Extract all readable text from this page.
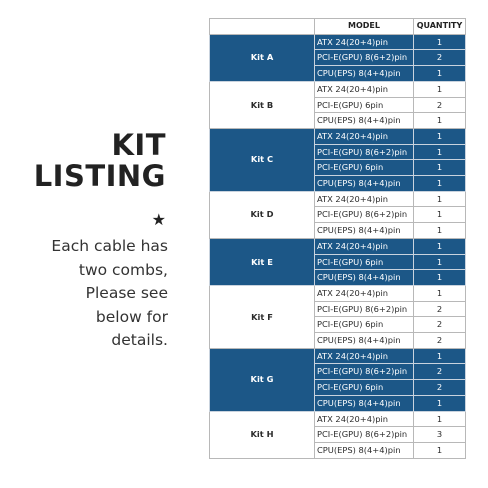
KIT
LISTING
★
Each cable has
two combs,
Please see
below for
details.
	MODEL	QUANTITY
Kit A	ATX 24(20+4)pin	1
	PCI-E(GPU) 8(6+2)pin	2
	CPU(EPS) 8(4+4)pin	1
Kit B	ATX 24(20+4)pin	1
	PCI-E(GPU) 6pin	2
	CPU(EPS) 8(4+4)pin	1
Kit C	ATX 24(20+4)pin	1
	PCI-E(GPU) 8(6+2)pin	1
	PCI-E(GPU) 6pin	1
	CPU(EPS) 8(4+4)pin	1
Kit D	ATX 24(20+4)pin	1
	PCI-E(GPU) 8(6+2)pin	1
	CPU(EPS) 8(4+4)pin	1
Kit E	ATX 24(20+4)pin	1
	PCI-E(GPU) 6pin	1
	CPU(EPS) 8(4+4)pin	1
Kit F	ATX 24(20+4)pin	1
	PCI-E(GPU) 8(6+2)pin	2
	PCI-E(GPU) 6pin	2
	CPU(EPS) 8(4+4)pin	2
Kit G	ATX 24(20+4)pin	1
	PCI-E(GPU) 8(6+2)pin	2
	PCI-E(GPU) 6pin	2
	CPU(EPS) 8(4+4)pin	1
Kit H	ATX 24(20+4)pin	1
	PCI-E(GPU) 8(6+2)pin	3
	CPU(EPS) 8(4+4)pin	1
